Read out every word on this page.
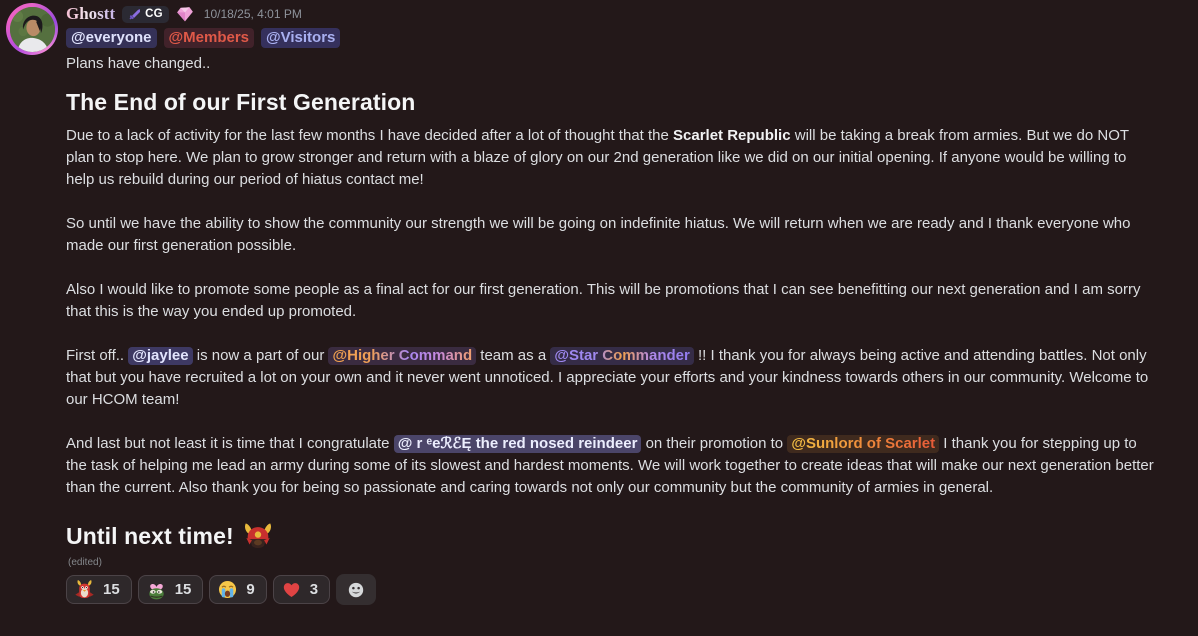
Ghostt	CG	10/18/25, 4:01 PM
@everyone	@Members	@Visitors
Plans have changed..
The End of our First Generation

Due to a lack of activity for the last few months I have decided after a lot of thought that the Scarlet Republic will be taking a break from armies. But we do NOT plan to stop here. We plan to grow stronger and return with a blaze of glory on our 2nd generation like we did on our initial opening. If anyone would be willing to help us rebuild during our period of hiatus contact me!

So until we have the ability to show the community our strength we will be going on indefinite hiatus. We will return when we are ready and I thank everyone who made our first generation possible.

Also I would like to promote some people as a final act for our first generation. This will be promotions that I can see benefitting our next generation and I am sorry that this is the way you ended up promoted.

First off.. @jaylee is now a part of our @Higher Command team as a @Star Commander !! I thank you for always being active and attending battles. Not only that but you have recruited a lot on your own and it never went unnoticed. I appreciate your efforts and your kindness towards others in our community. Welcome to our HCOM team!

And last but not least it is time that I congratulate @ r ᵉeℛℰĘ the red nosed reindeer on their promotion to @Sunlord of Scarlet I thank you for stepping up to the task of helping me lead an army during some of its slowest and hardest moments. We will work together to create ideas that will make our next generation better than the current. Also thank you for being so passionate and caring towards not only our community but the community of armies in general.

Until next time!
(edited)
15	15	9	3
